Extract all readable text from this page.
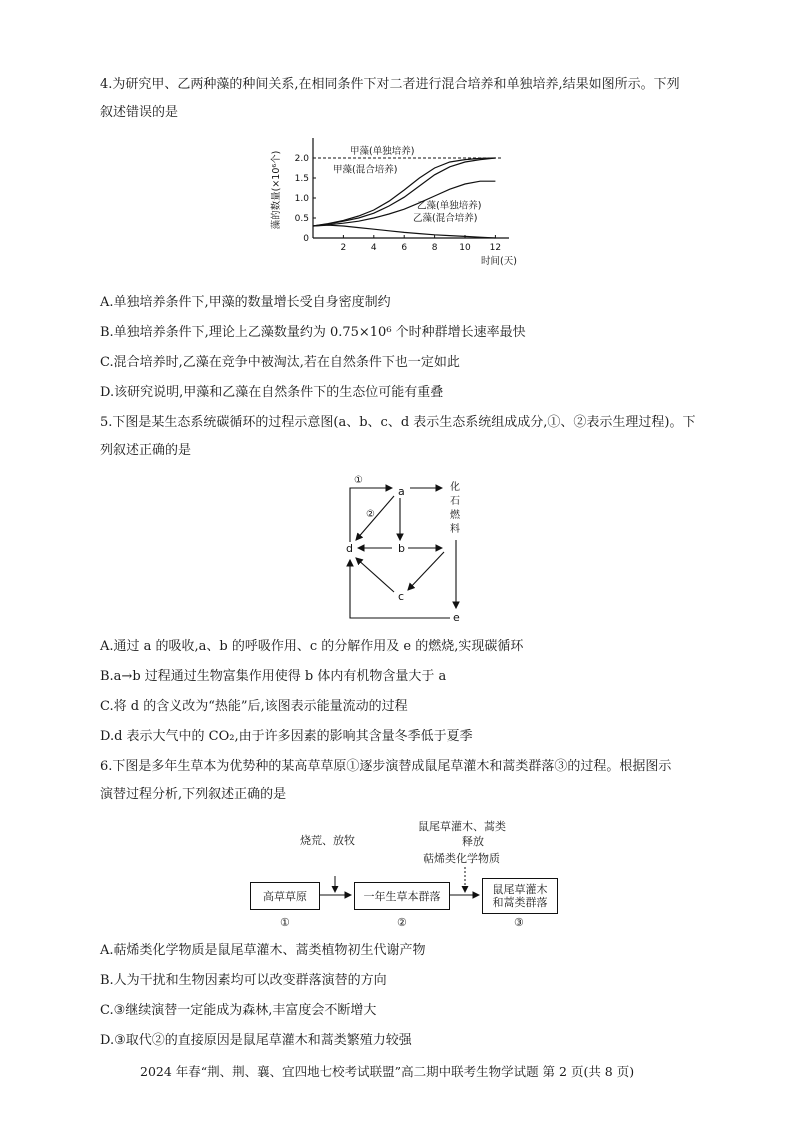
4.为研究甲、乙两种藻的种间关系,在相同条件下对二者进行混合培养和单独培养,结果如图所示。下列
叙述错误的是
2	4	6	8 10 12
0
0.5
1.0
1.5
2.0
时间(天)
藻的数量(×10⁶个)	甲藻(单独培养)
甲藻(混合培养)
乙藻(单独培养)
乙藻(混合培养)
A.单独培养条件下,甲藻的数量增长受自身密度制约
B.单独培养条件下,理论上乙藻数量约为 0.75×10⁶ 个时种群增长速率最快
C.混合培养时,乙藻在竞争中被淘汰,若在自然条件下也一定如此
D.该研究说明,甲藻和乙藻在自然条件下的生态位可能有重叠
5.下图是某生态系统碳循环的过程示意图(a、b、c、d 表示生态系统组成成分,①、②表示生理过程)。下
列叙述正确的是
a
b
c
d
e
化
石
燃
料
①
②
A.通过 a 的吸收,a、b 的呼吸作用、c 的分解作用及 e 的燃烧,实现碳循环
B.a→b 过程通过生物富集作用使得 b 体内有机物含量大于 a
C.将 d 的含义改为“热能”后,该图表示能量流动的过程
D.d 表示大气中的 CO₂,由于许多因素的影响其含量冬季低于夏季
6.下图是多年生草本为优势种的某高草草原①逐步演替成鼠尾草灌木和蒿类群落③的过程。根据图示
演替过程分析,下列叙述正确的是
烧荒、放牧
鼠尾草灌木、蒿类
释放
萜烯类化学物质
高草草原	一年生草本群落	鼠尾草灌木
和蒿类群落
①	②	③
A.萜烯类化学物质是鼠尾草灌木、蒿类植物初生代谢产物
B.人为干扰和生物因素均可以改变群落演替的方向
C.③继续演替一定能成为森林,丰富度会不断增大
D.③取代②的直接原因是鼠尾草灌木和蒿类繁殖力较强
2024 年春“荆、荆、襄、宜四地七校考试联盟”高二期中联考生物学试题 第 2 页(共 8 页)
